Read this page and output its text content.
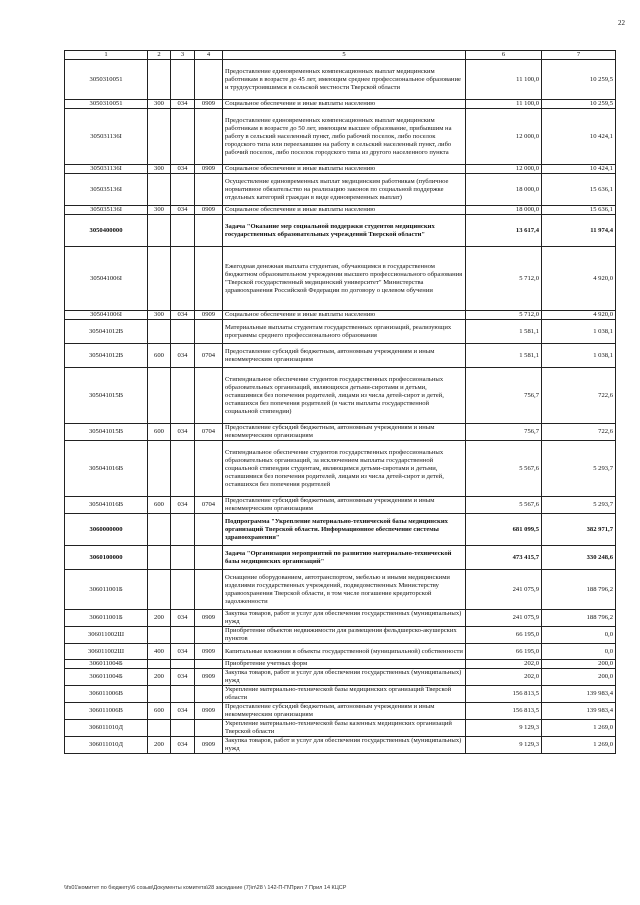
22
1	2	3	4	5	6	7
3050310051				Предоставление единовременных компенсационных выплат медицинским работникам в возрасте до 45 лет, имеющим среднее профессиональное образование и трудоустроившимся в сельской местности Тверской области	11 100,0	10 259,5
3050310051	300	034	0909	Социальное обеспечение и иные выплаты населению	11 100,0	10 259,5
305031136I				Предоставление единовременных компенсационных выплат медицинским работникам в возрасте до 50 лет, имеющим высшее образование, прибывшим на работу в сельский населенный пункт, либо рабочий поселок, либо поселок городского типа или переехавшим на работу в сельский населенный пункт, либо рабочий поселок, либо поселок городского типа из другого населенного пункта	12 000,0	10 424,1
305031136I	300	034	0909	Социальное обеспечение и иные выплаты населению	12 000,0	10 424,1
305035136I				Осуществление единовременных выплат медицинским работникам (публичное нормативное обязательство на реализацию законов по социальной поддержке отдельных категорий граждан в виде единовременных выплат)	18 000,0	15 636,1
305035136I	300	034	0909	Социальное обеспечение и иные выплаты населению	18 000,0	15 636,1
3050400000				Задача "Оказание мер социальной поддержки студентов медицинских государственных образовательных учреждений Тверской области"	13 617,4	11 974,4
305041006I				Ежегодная денежная выплата студентам, обучающимся в государственном бюджетном образовательном учреждении высшего профессионального образования "Тверской государственный медицинский университет" Министерства здравоохранения Российской Федерации по договору о целевом обучении	5 712,0	4 920,0
305041006I	300	034	0909	Социальное обеспечение и иные выплаты населению	5 712,0	4 920,0
305041012B				Материальные выплаты студентам государственных организаций, реализующих программы среднего профессионального образования	1 581,1	1 038,1
305041012B	600	034	0704	Предоставление субсидий бюджетным, автономным учреждениям и иным некоммерческим организациям	1 581,1	1 038,1
305041015B				Стипендиальное обеспечение студентов государственных профессиональных образовательных организаций, являющихся детьми-сиротами и детьми, оставшимися без попечения родителей, лицами из числа детей-сирот и детей, оставшихся без попечения родителей (в части выплаты государственной социальной стипендии)	756,7	722,6
305041015B	600	034	0704	Предоставление субсидий бюджетным, автономным учреждениям и иным некоммерческим организациям	756,7	722,6
305041016B				Стипендиальное обеспечение студентов государственных профессиональных образовательных организаций, за исключением выплаты государственной социальной стипендии студентам, являющимся детьми-сиротами и детьми, оставшимися без попечения родителей, лицами из числа детей-сирот и детей, оставшихся без попечения родителей	5 567,6	5 293,7
305041016B	600	034	0704	Предоставление субсидий бюджетным, автономным учреждениям и иным некоммерческим организациям	5 567,6	5 293,7
3060000000				Подпрограмма "Укрепление материально-технической базы медицинских организаций Тверской области. Информационное обеспечение системы здравоохранения"	681 099,5	382 971,7
3060100000				Задача "Организация мероприятий по развитию материально-технической базы медицинских организаций"	473 415,7	330 248,6
306011001Б				Оснащение оборудованием, автотранспортом, мебелью и иными медицинскими изделиями государственных учреждений, подведомственных Министерству здравоохранения Тверской области, в том числе погашение кредиторской задолженности	241 075,9	188 796,2
306011001Б	200	034	0909	Закупка товаров, работ и услуг для обеспечения государственных (муниципальных) нужд	241 075,9	188 796,2
306011002Ш				Приобретение объектов недвижимости для размещения фельдшерско-акушерских пунктов	66 195,0	0,0
306011002Ш	400	034	0909	Капитальные вложения в объекты государственной (муниципальной) собственности	66 195,0	0,0
306011004Б				Приобретение учетных форм	202,0	200,0
306011004Б	200	034	0909	Закупка товаров, работ и услуг для обеспечения государственных (муниципальных) нужд	202,0	200,0
306011006В				Укрепление материально-технической базы медицинских организаций Тверской области	156 813,5	139 983,4
306011006В	600	034	0909	Предоставление субсидий бюджетным, автономным учреждениям и иным некоммерческим организациям	156 813,5	139 983,4
306011010Д				Укрепление материально-технической базы казенных медицинских организаций Тверской области	9 129,3	1 269,0
306011010Д	200	034	0909	Закупка товаров, работ и услуг для обеспечения государственных (муниципальных) нужд	9 129,3	1 269,0
\\fs01\комитет по бюджету\6 созыв\Документы комитета\28 заседание (7)\п\28 \ 142-П-П\Прил 7 Прил 14 КЦСР
